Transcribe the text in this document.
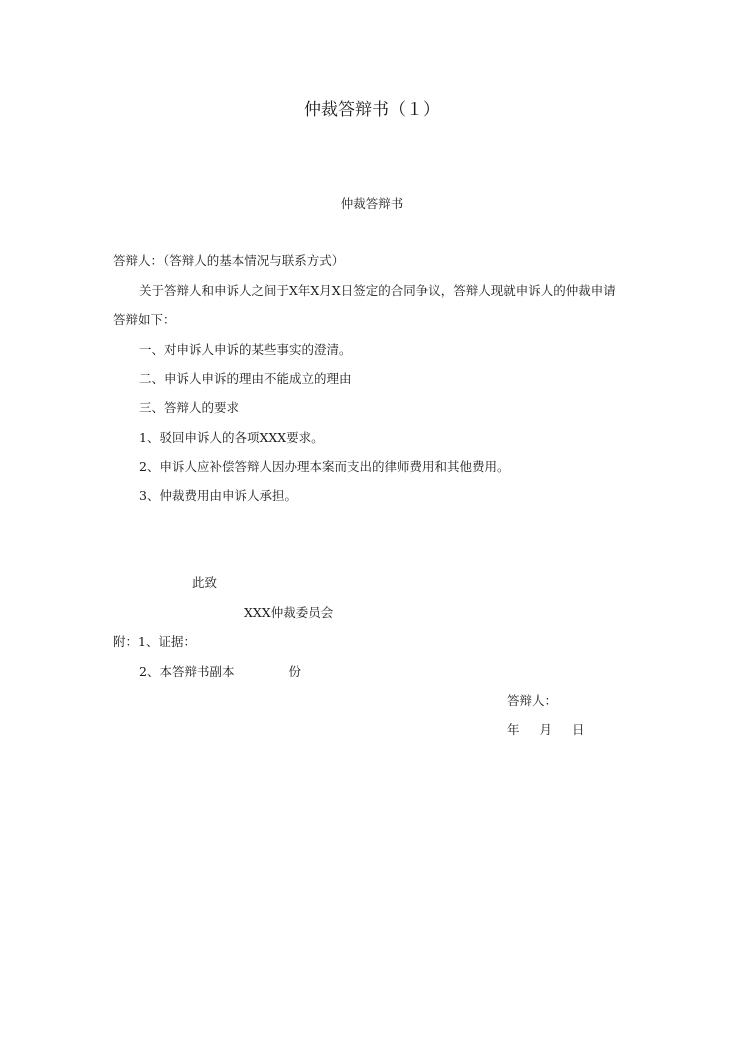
仲裁答辩书（１）
仲裁答辩书
答辩人：（答辩人的基本情况与联系方式）
关于答辩人和申诉人之间于X年X月X日签定的合同争议，答辩人现就申诉人的仲裁申请
答辩如下：
一、对申诉人申诉的某些事实的澄清。
二、申诉人申诉的理由不能成立的理由
三、答辩人的要求
1、驳回申诉人的各项XXX要求。
2、申诉人应补偿答辩人因办理本案而支出的律师费用和其他费用。
3、仲裁费用由申诉人承担。
此致
XXX仲裁委员会
附：1、证据：
2、本答辩书副本	份
答辩人：
年 月 日
